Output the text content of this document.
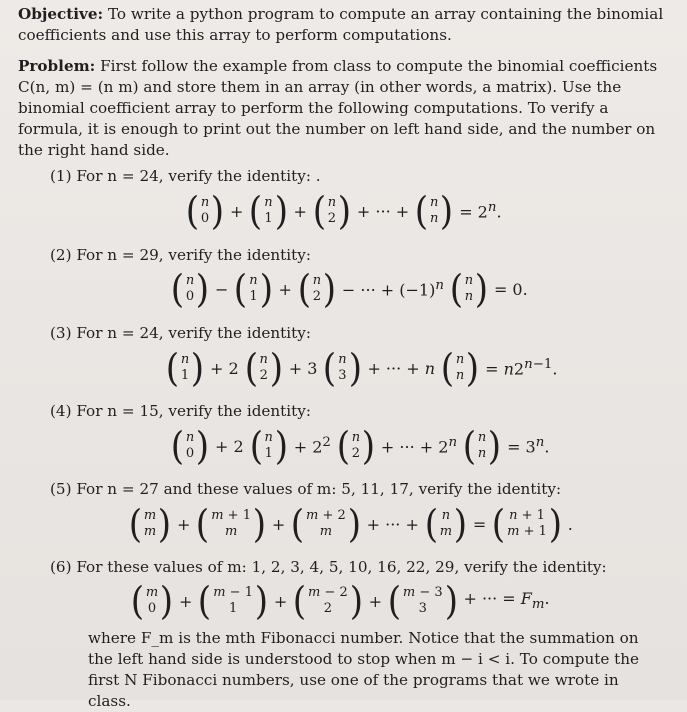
Objective: To write a python program to compute an array containing the binomial coefficients and use this array to perform computations.

Problem: First follow the example from class to compute the binomial coefficients C(n, m) = (n m) and store them in an array (in other words, a matrix). Use the binomial coefficient array to perform the following computations. To verify a formula, it is enough to print out the number on left hand side, and the number on the right hand side.

(1) For n = 24, verify the identity: .
( n
0 ) + ( n
1 ) + ( n
2 ) + ··· + ( n
n ) = $2^n$.
(2) For n = 29, verify the identity:
( n
0 ) − ( n
1 ) + ( n
2 ) − ··· + $(-1)^n$ ( n
n ) = 0.
(3) For n = 24, verify the identity:
( n
1 ) + 2 ( n
2 ) + 3 ( n
3 ) + ··· + n ( n
n ) = $n2^{n-1}$.
(4) For n = 15, verify the identity:
( n
0 ) + 2 ( n
1 ) + $2^2$ ( n
2 ) + ··· + $2^n$ ( n
n ) = $3^n$.
(5) For n = 27 and these values of m: 5, 11, 17, verify the identity:
( m
m ) + ( m + 1
m ) + ( m + 2
m ) + ··· + ( n
m ) = ( n + 1
m + 1 ) .
(6) For these values of m: 1, 2, 3, 4, 5, 10, 16, 22, 29, verify the identity:
( m
0 ) + ( m − 1
1 ) + ( m − 2
2 ) + ( m − 3
3 ) + ··· = $F_m$.

where F_m is the mth Fibonacci number. Notice that the summation on the left hand side is understood to stop when m − i < i. To compute the first N Fibonacci numbers, use one of the programs that we wrote in class.
